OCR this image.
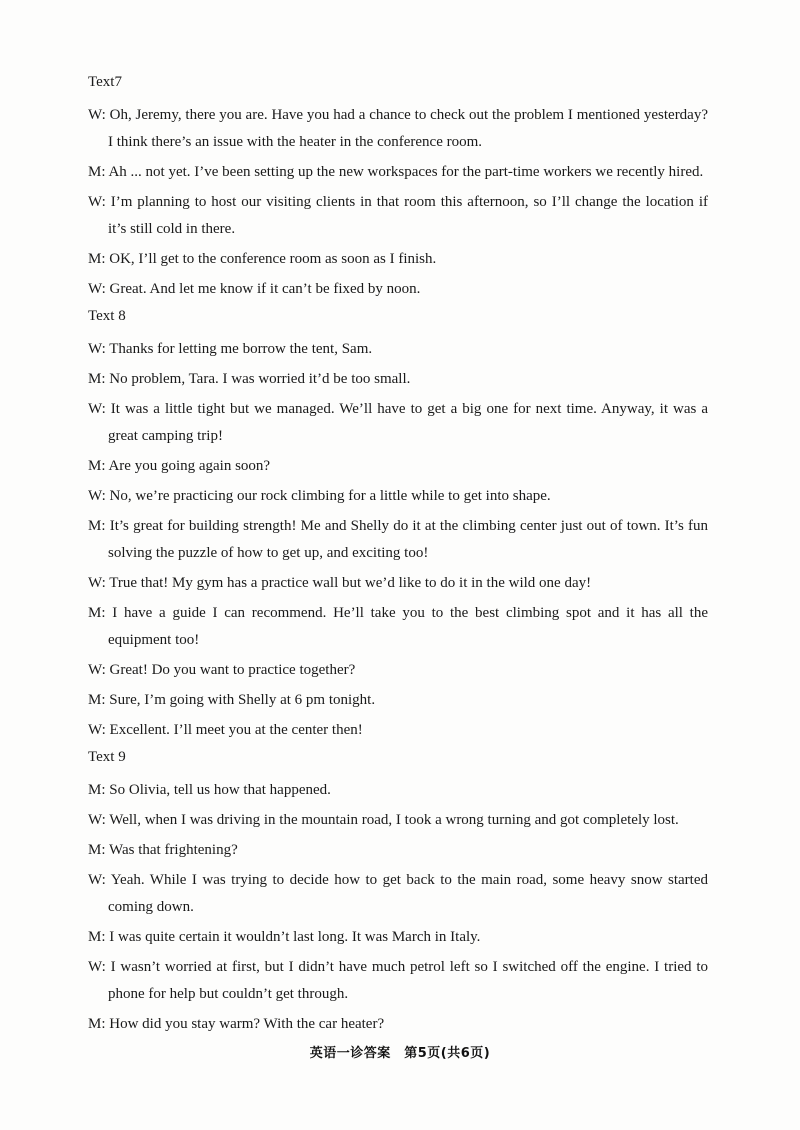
Text7
W: Oh, Jeremy, there you are. Have you had a chance to check out the problem I mentioned yesterday? I think there’s an issue with the heater in the conference room.
M: Ah ... not yet. I’ve been setting up the new workspaces for the part-time workers we recently hired.
W: I’m planning to host our visiting clients in that room this afternoon, so I’ll change the location if it’s still cold in there.
M: OK, I’ll get to the conference room as soon as I finish.
W: Great. And let me know if it can’t be fixed by noon.
Text 8
W: Thanks for letting me borrow the tent, Sam.
M: No problem, Tara. I was worried it’d be too small.
W: It was a little tight but we managed. We’ll have to get a big one for next time. Anyway, it was a great camping trip!
M: Are you going again soon?
W: No, we’re practicing our rock climbing for a little while to get into shape.
M: It’s great for building strength! Me and Shelly do it at the climbing center just out of town. It’s fun solving the puzzle of how to get up, and exciting too!
W: True that! My gym has a practice wall but we’d like to do it in the wild one day!
M: I have a guide I can recommend. He’ll take you to the best climbing spot and it has all the equipment too!
W: Great! Do you want to practice together?
M: Sure, I’m going with Shelly at 6 pm tonight.
W: Excellent. I’ll meet you at the center then!
Text 9
M: So Olivia, tell us how that happened.
W: Well, when I was driving in the mountain road, I took a wrong turning and got completely lost.
M: Was that frightening?
W: Yeah. While I was trying to decide how to get back to the main road, some heavy snow started coming down.
M: I was quite certain it wouldn’t last long. It was March in Italy.
W: I wasn’t worried at first, but I didn’t have much petrol left so I switched off the engine. I tried to phone for help but couldn’t get through.
M: How did you stay warm? With the car heater?
英语一诊答案　第5页(共6页)
